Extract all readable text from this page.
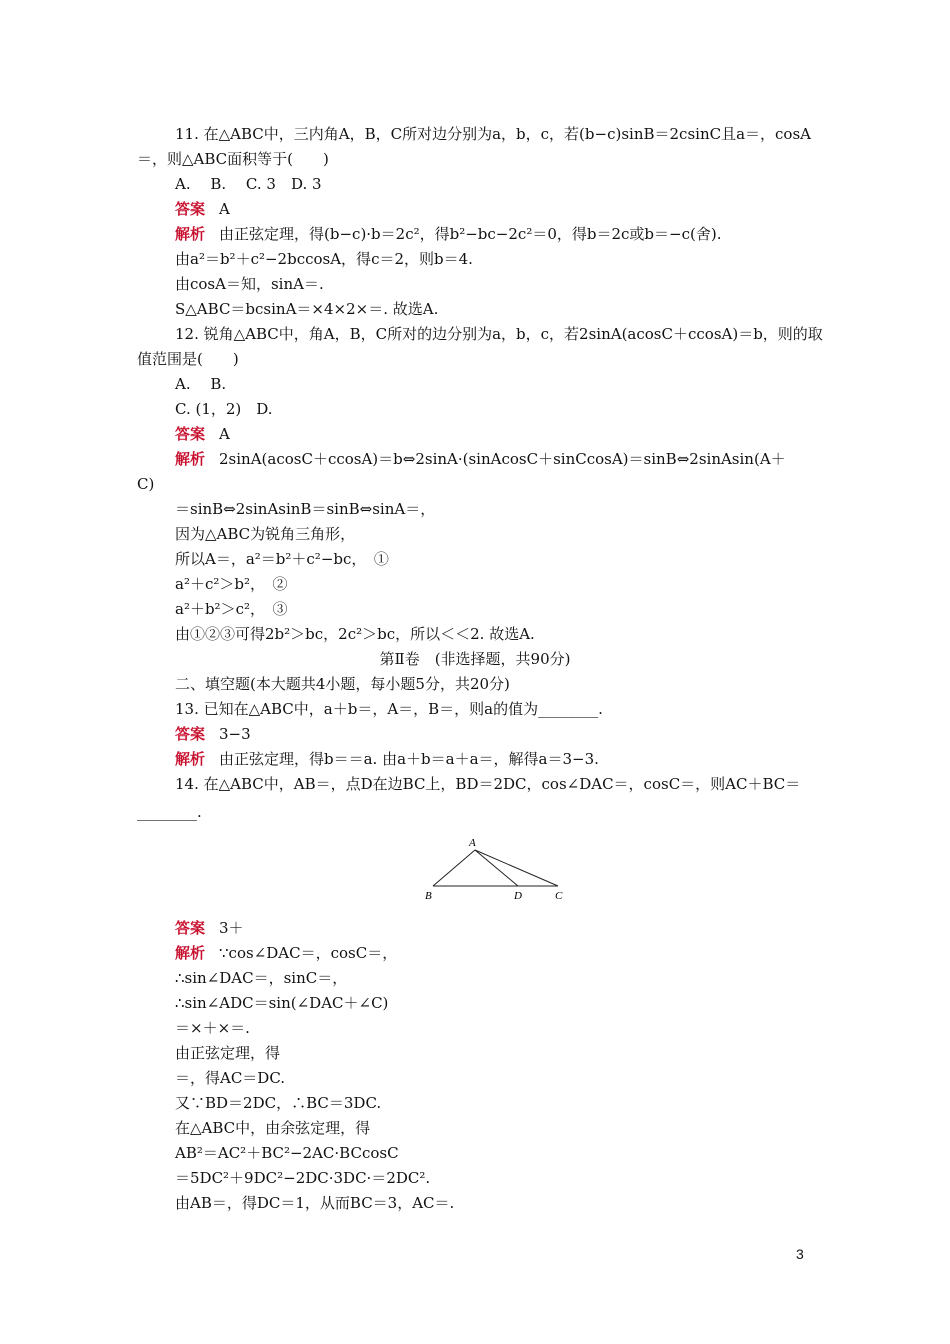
11. 在△ABC中，三内角A，B，C所对边分别为a，b，c，若(b−c)sinB＝2csinC且a＝，cosA
＝，则△ABC面积等于(　　)
A.　 B.　 C. 3　D. 3
答案 A
解析 由正弦定理，得(b−c)·b＝2c²，得b²−bc−2c²＝0，得b＝2c或b＝−c(舍).
由a²＝b²＋c²−2bccosA，得c＝2，则b＝4.
由cosA＝知，sinA＝.
S△ABC＝bcsinA＝×4×2×＝. 故选A.
12. 锐角△ABC中，角A，B，C所对的边分别为a，b，c，若2sinA(acosC＋ccosA)＝b，则的取
值范围是(　　)
A.　 B.
C. (1，2)　D.
答案 A
解析 2sinA(acosC＋ccosA)＝b⇔2sinA·(sinAcosC＋sinCcosA)＝sinB⇔2sinAsin(A＋
C)
＝sinB⇔2sinAsinB＝sinB⇔sinA＝，
因为△ABC为锐角三角形，
所以A＝，a²＝b²＋c²−bc，　①
a²＋c²＞b²，　②
a²＋b²＞c²，　③
由①②③可得2b²＞bc，2c²＞bc，所以＜＜2. 故选A.
第Ⅱ卷　(非选择题，共90分)
二、填空题(本大题共4小题，每小题5分，共20分)
13. 已知在△ABC中，a＋b＝，A＝，B＝，则a的值为________.
答案 3−3
解析 由正弦定理，得b＝＝a. 由a＋b＝a＋a＝，解得a＝3−3.
14. 在△ABC中，AB＝，点D在边BC上，BD＝2DC，cos∠DAC＝，cosC＝，则AC＋BC＝
________.
A
B	D	C
答案 3＋
解析 ∵cos∠DAC＝，cosC＝，
∴sin∠DAC＝，sinC＝，
∴sin∠ADC＝sin(∠DAC＋∠C)
＝×＋×＝.
由正弦定理，得
＝，得AC＝DC.
又∵BD＝2DC，∴BC＝3DC.
在△ABC中，由余弦定理，得
AB²＝AC²＋BC²−2AC·BCcosC
＝5DC²＋9DC²−2DC·3DC·＝2DC².
由AB＝，得DC＝1，从而BC＝3，AC＝.
3
